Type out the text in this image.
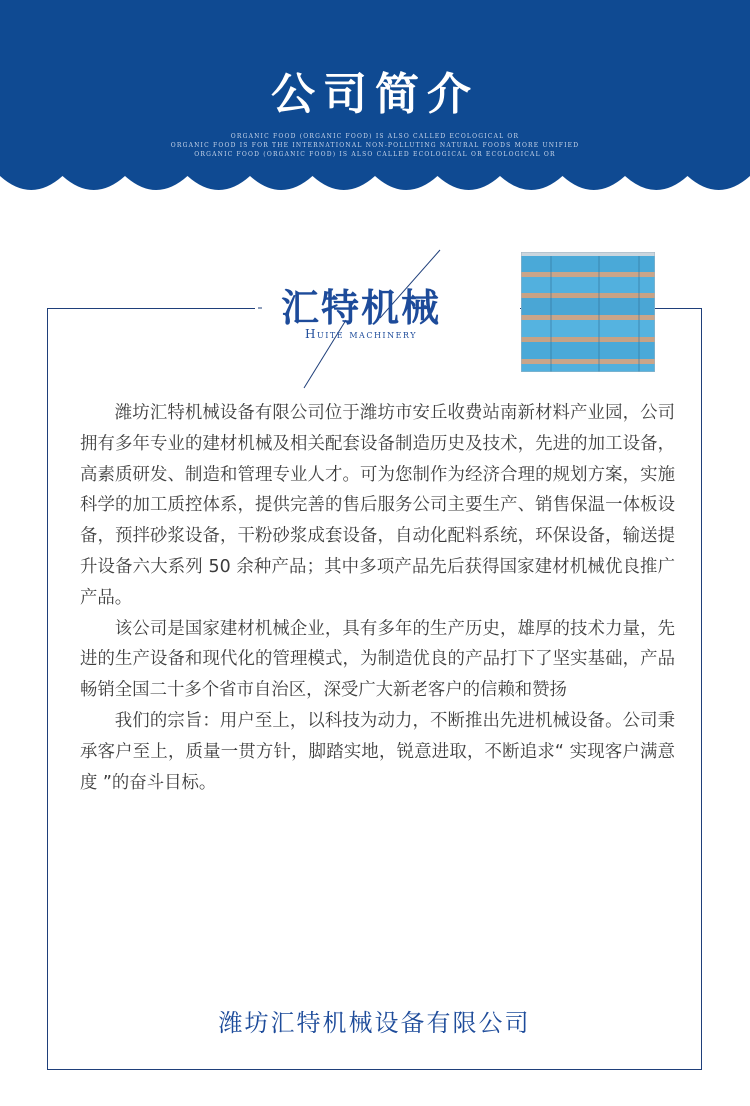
公司简介
ORGANIC FOOD (ORGANIC FOOD) IS ALSO CALLED ECOLOGICAL OR
ORGANIC FOOD IS FOR THE INTERNATIONAL NON-POLLUTING NATURAL FOODS MORE UNIFIED
ORGANIC FOOD (ORGANIC FOOD) IS ALSO CALLED ECOLOGICAL OR ECOLOGICAL OR
汇特机械
Huite machinery

潍坊汇特机械设备有限公司位于潍坊市安丘收费站南新材料产业园，公司拥有多年专业的建材机械及相关配套设备制造历史及技术，先进的加工设备，高素质研发、制造和管理专业人才。可为您制作为经济合理的规划方案，实施科学的加工质控体系，提供完善的售后服务公司主要生产、销售保温一体板设备，预拌砂浆设备，干粉砂浆成套设备，自动化配料系统，环保设备，输送提升设备六大系列 50 余种产品；其中多项产品先后获得国家建材机械优良推广产品。

该公司是国家建材机械企业，具有多年的生产历史，雄厚的技术力量，先进的生产设备和现代化的管理模式，为制造优良的产品打下了坚实基础，产品畅销全国二十多个省市自治区，深受广大新老客户的信赖和赞扬

我们的宗旨：用户至上，以科技为动力，不断推出先进机械设备。公司秉承客户至上，质量一贯方针，脚踏实地，锐意进取，不断追求“ 实现客户满意度 ”的奋斗目标。

潍坊汇特机械设备有限公司
